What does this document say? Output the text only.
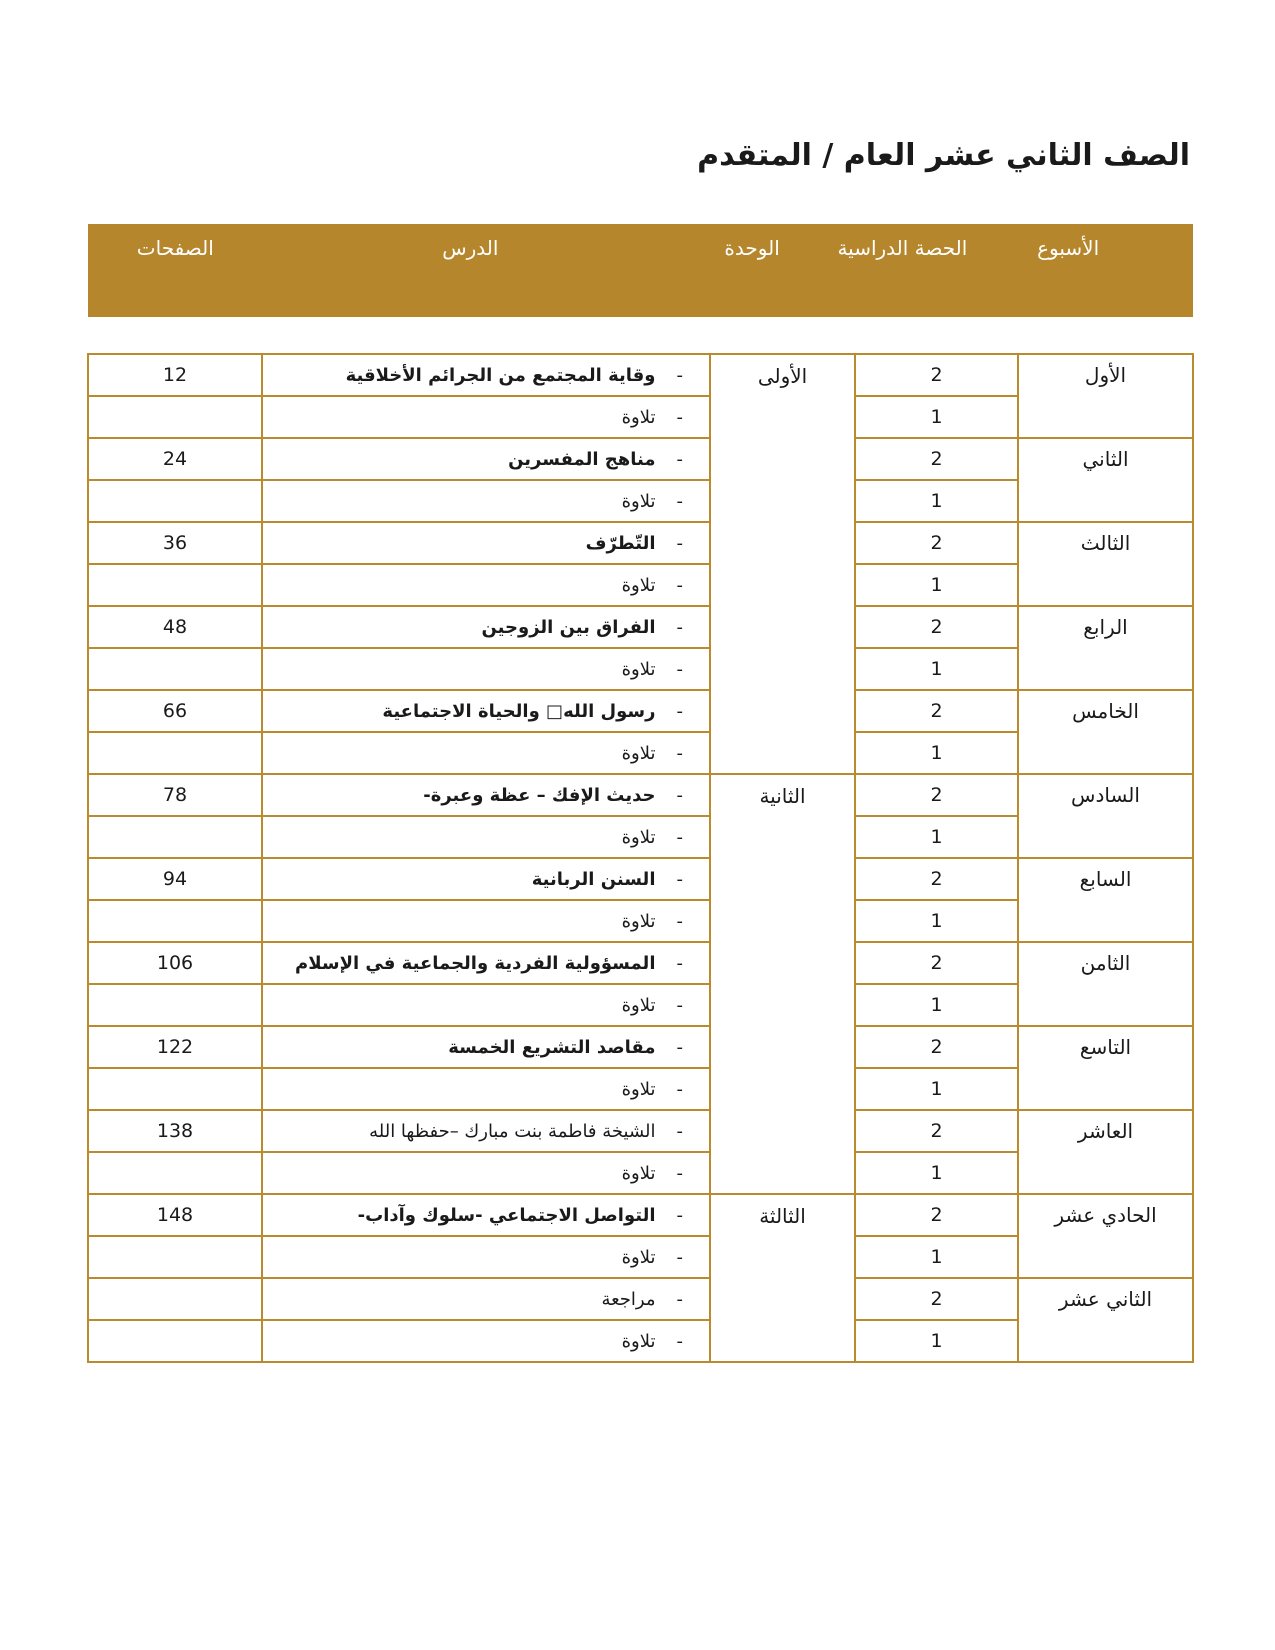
الصف الثاني عشر العام / المتقدم
الأسبوع
الحصة الدراسية
الوحدة
الدرس
الصفحات
الأولى
الثانية
الثالثة
الأول
2
-
وقاية المجتمع من الجرائم الأخلاقية
12
1
-
تلاوة
الثاني
2
-
مناهج المفسرين
24
1
-
تلاوة
الثالث
2
-
التّطرّف
36
1
-
تلاوة
الرابع
2
-
الفراق بين الزوجين
48
1
-
تلاوة
الخامس
2
-
رسول الله□ والحياة الاجتماعية
66
1
-
تلاوة
السادس
2
-
حديث الإفك – عظة وعبرة-
78
1
-
تلاوة
السابع
2
-
السنن الربانية
94
1
-
تلاوة
الثامن
2
-
المسؤولية الفردية والجماعية في الإسلام
106
1
-
تلاوة
التاسع
2
-
مقاصد التشريع الخمسة
122
1
-
تلاوة
العاشر
2
-
الشيخة فاطمة بنت مبارك –حفظها الله
138
1
-
تلاوة
الحادي عشر
2
-
التواصل الاجتماعي -سلوك وآداب-
148
1
-
تلاوة
الثاني عشر
2
-
مراجعة
1
-
تلاوة
